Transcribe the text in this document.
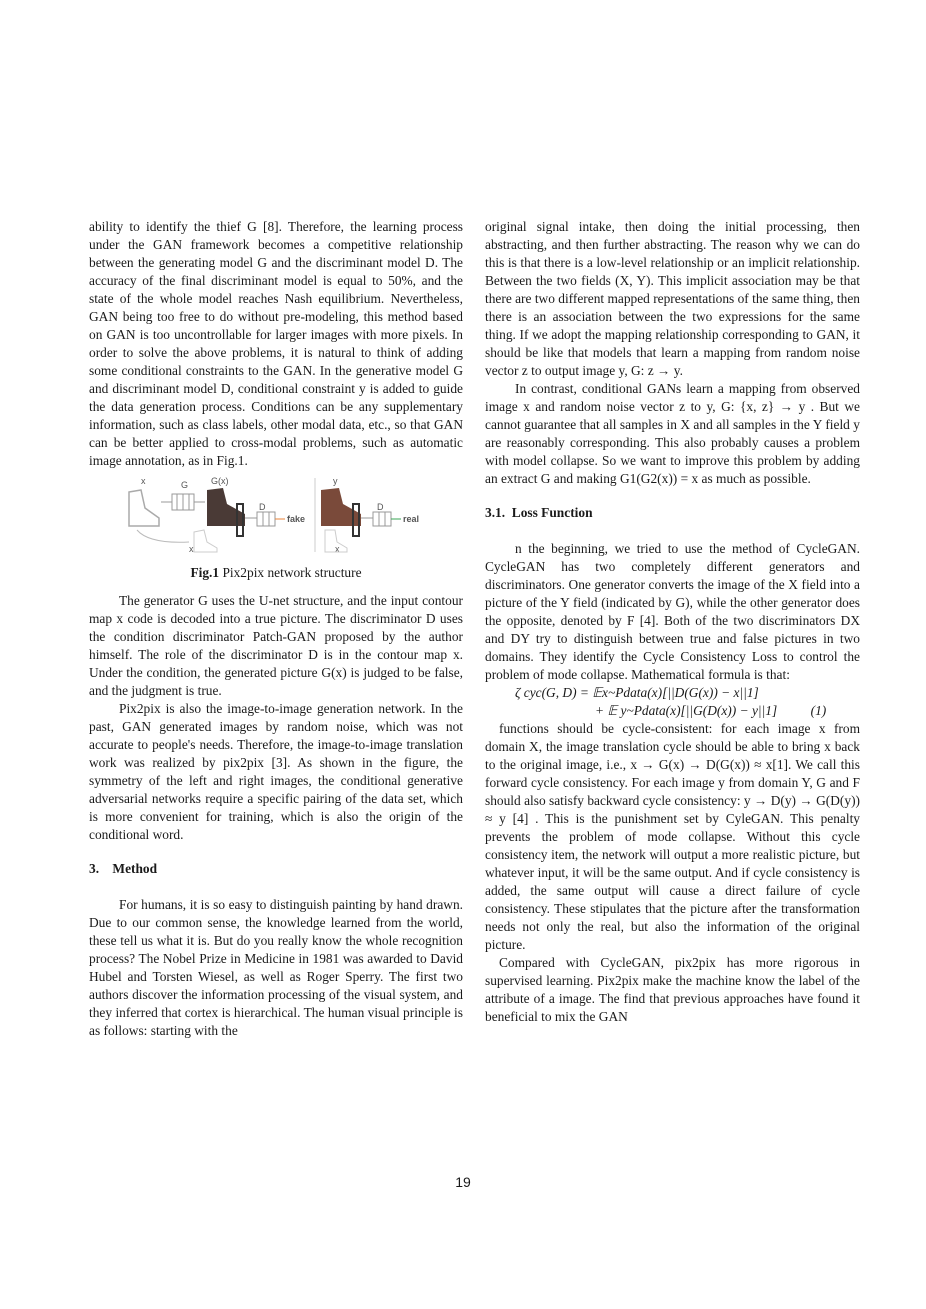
ability to identify the thief G [8]. Therefore, the learning process under the GAN framework becomes a competitive relationship between the generating model G and the discriminant model D. The accuracy of the final discriminant model is equal to 50%, and the state of the whole model reaches Nash equilibrium. Nevertheless, GAN being too free to do without pre-modeling, this method based on GAN is too uncontrollable for larger images with more pixels. In order to solve the above problems, it is natural to think of adding some conditional constraints to the GAN. In the generative model G and discriminant model D, conditional constraint y is added to guide the data generation process. Conditions can be any supplementary information, such as class labels, other modal data, etc., so that GAN can be better applied to cross-modal problems, such as automatic image annotation, as in Fig.1.

x	G	G(x)
D
fake
x
y
D
real
x

Fig.1 Pix2pix network structure

The generator G uses the U-net structure, and the input contour map x code is decoded into a true picture. The discriminator D uses the condition discriminator Patch-GAN proposed by the author himself. The role of the discriminator D is in the contour map x. Under the condition, the generated picture G(x) is judged to be false, and the judgment is true.

Pix2pix is also the image-to-image generation network. In the past, GAN generated images by random noise, which was not accurate to people's needs. Therefore, the image-to-image translation work was realized by pix2pix [3]. As shown in the figure, the symmetry of the left and right images, the conditional generative adversarial networks require a specific pairing of the data set, which is more convenient for training, which is also the origin of the conditional word.

3.    Method

For humans, it is so easy to distinguish painting by hand drawn. Due to our common sense, the knowledge learned from the world, these tell us what it is. But do you really know the whole recognition process? The Nobel Prize in Medicine in 1981 was awarded to David Hubel and Torsten Wiesel, as well as Roger Sperry. The first two authors discover the information processing of the visual system, and they inferred that cortex is hierarchical. The human visual principle is as follows: starting with the

original signal intake, then doing the initial processing, then abstracting, and then further abstracting. The reason why we can do this is that there is a low-level relationship or an implicit relationship. Between the two fields (X, Y). This implicit association may be that there are two different mapped representations of the same thing, then there is an association between the two expressions for the same thing. If we adopt the mapping relationship corresponding to GAN, it should be like that models that learn a mapping from random noise vector z to output image y, G: z → y.

In contrast, conditional GANs learn a mapping from observed image x and random noise vector z to y, G: {x, z} → y . But we cannot guarantee that all samples in X and all samples in the Y field y are reasonably corresponding. This also probably causes a problem with model collapse. So we want to improve this problem by adding an extract G and making G1(G2(x)) = x as much as possible.

3.1.  Loss Function

n the beginning, we tried to use the method of CycleGAN. CycleGAN has two completely different generators and discriminators. One generator converts the image of the X field into a picture of the Y field (indicated by G), while the other generator does the opposite, denoted by F [4]. Both of the two discriminators DX and DY try to distinguish between true and false pictures in two domains. They identify the Cycle Consistency Loss to control the problem of mode collapse. Mathematical formula is that:

ζ cyc(G, D) = 𝔼x~Pdata(x)[||D(G(x)) − x||1]

+ 𝔼 y~Pdata(x)[||G(D(x)) − y||1]          (1)

functions should be cycle-consistent: for each image x from domain X, the image translation cycle should be able to bring x back to the original image, i.e., x → G(x) → D(G(x)) ≈ x[1]. We call this forward cycle consistency. For each image y from domain Y, G and F should also satisfy backward cycle consistency: y → D(y) → G(D(y)) ≈ y [4] . This is the punishment set by CyleGAN. This penalty prevents the problem of mode collapse. Without this cycle consistency item, the network will output a more realistic picture, but whatever input, it will be the same output. And if cycle consistency is added, the same output will cause a direct failure of cycle consistency. These stipulates that the picture after the transformation needs not only the real, but also the information of the original picture.

Compared with CycleGAN, pix2pix has more rigorous in supervised learning. Pix2pix make the machine know the label of the attribute of a image. The find that previous approaches have found it beneficial to mix the GAN

19
